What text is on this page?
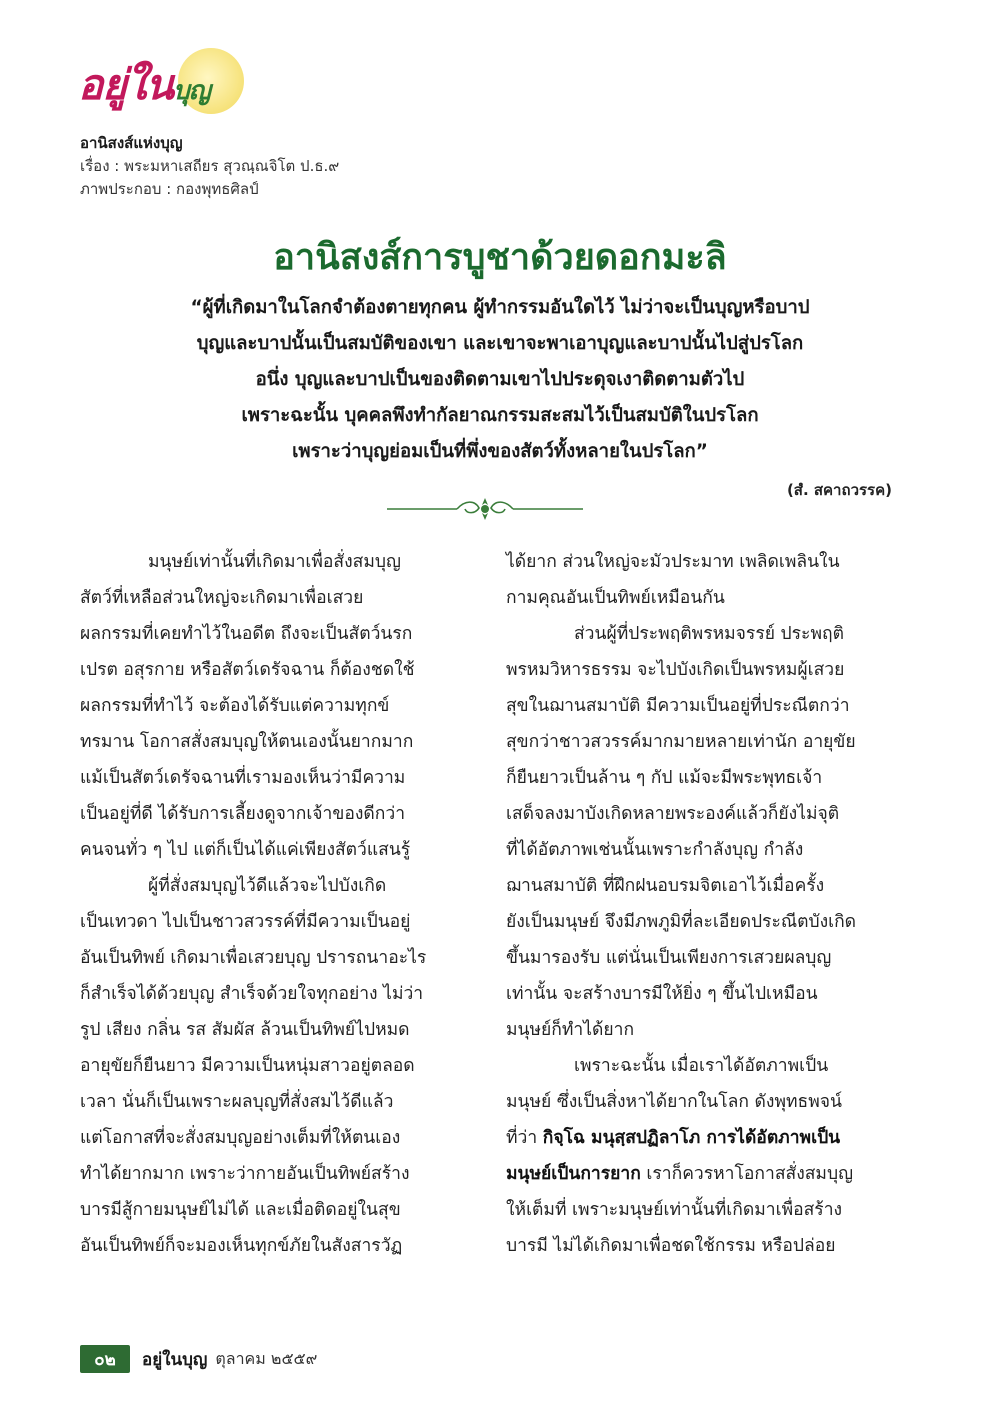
อยู่ในบุญ
อานิสงส์แห่งบุญ
เรื่อง : พระมหาเสถียร สุวณฺณจิโต ป.ธ.๙
ภาพประกอบ : กองพุทธศิลป์
อานิสงส์การบูชาด้วยดอกมะลิ
“ผู้ที่เกิดมาในโลกจำต้องตายทุกคน ผู้ทำกรรมอันใดไว้ ไม่ว่าจะเป็นบุญหรือบาป
บุญและบาปนั้นเป็นสมบัติของเขา และเขาจะพาเอาบุญและบาปนั้นไปสู่ปรโลก
อนึ่ง บุญและบาปเป็นของติดตามเขาไปประดุจเงาติดตามตัวไป
เพราะฉะนั้น บุคคลพึงทำกัลยาณกรรมสะสมไว้เป็นสมบัติในปรโลก
เพราะว่าบุญย่อมเป็นที่พึ่งของสัตว์ทั้งหลายในปรโลก”
(สํ. สคาถวรรค)

มนุษย์เท่านั้นที่เกิดมาเพื่อสั่งสมบุญ

สัตว์ที่เหลือส่วนใหญ่จะเกิดมาเพื่อเสวย

ผลกรรมที่เคยทำไว้ในอดีต ถึงจะเป็นสัตว์นรก

เปรต อสุรกาย หรือสัตว์เดรัจฉาน ก็ต้องชดใช้

ผลกรรมที่ทำไว้ จะต้องได้รับแต่ความทุกข์

ทรมาน โอกาสสั่งสมบุญให้ตนเองนั้นยากมาก

แม้เป็นสัตว์เดรัจฉานที่เรามองเห็นว่ามีความ

เป็นอยู่ที่ดี ได้รับการเลี้ยงดูจากเจ้าของดีกว่า

คนจนทั่ว ๆ ไป แต่ก็เป็นได้แค่เพียงสัตว์แสนรู้

ผู้ที่สั่งสมบุญไว้ดีแล้วจะไปบังเกิด

เป็นเทวดา ไปเป็นชาวสวรรค์ที่มีความเป็นอยู่

อันเป็นทิพย์ เกิดมาเพื่อเสวยบุญ ปรารถนาอะไร

ก็สำเร็จได้ด้วยบุญ สำเร็จด้วยใจทุกอย่าง ไม่ว่า

รูป เสียง กลิ่น รส สัมผัส ล้วนเป็นทิพย์ไปหมด

อายุขัยก็ยืนยาว มีความเป็นหนุ่มสาวอยู่ตลอด

เวลา นั่นก็เป็นเพราะผลบุญที่สั่งสมไว้ดีแล้ว

แต่โอกาสที่จะสั่งสมบุญอย่างเต็มที่ให้ตนเอง

ทำได้ยากมาก เพราะว่ากายอันเป็นทิพย์สร้าง

บารมีสู้กายมนุษย์ไม่ได้ และเมื่อติดอยู่ในสุข

อันเป็นทิพย์ก็จะมองเห็นทุกข์ภัยในสังสารวัฏ

ได้ยาก ส่วนใหญ่จะมัวประมาท เพลิดเพลินใน

กามคุณอันเป็นทิพย์เหมือนกัน

ส่วนผู้ที่ประพฤติพรหมจรรย์ ประพฤติ

พรหมวิหารธรรม จะไปบังเกิดเป็นพรหมผู้เสวย

สุขในฌานสมาบัติ มีความเป็นอยู่ที่ประณีตกว่า

สุขกว่าชาวสวรรค์มากมายหลายเท่านัก อายุขัย

ก็ยืนยาวเป็นล้าน ๆ กัป แม้จะมีพระพุทธเจ้า

เสด็จลงมาบังเกิดหลายพระองค์แล้วก็ยังไม่จุติ

ที่ได้อัตภาพเช่นนั้นเพราะกำลังบุญ กำลัง

ฌานสมาบัติ ที่ฝึกฝนอบรมจิตเอาไว้เมื่อครั้ง

ยังเป็นมนุษย์ จึงมีภพภูมิที่ละเอียดประณีตบังเกิด

ขึ้นมารองรับ แต่นั่นเป็นเพียงการเสวยผลบุญ

เท่านั้น จะสร้างบารมีให้ยิ่ง ๆ ขึ้นไปเหมือน

มนุษย์ก็ทำได้ยาก

เพราะฉะนั้น เมื่อเราได้อัตภาพเป็น

มนุษย์ ซึ่งเป็นสิ่งหาได้ยากในโลก ดังพุทธพจน์

ที่ว่า กิจฺโฉ มนุสฺสปฏิลาโภ การได้อัตภาพเป็น

มนุษย์เป็นการยาก เราก็ควรหาโอกาสสั่งสมบุญ

ให้เต็มที่ เพราะมนุษย์เท่านั้นที่เกิดมาเพื่อสร้าง

บารมี ไม่ได้เกิดมาเพื่อชดใช้กรรม หรือปล่อย

๐๒	อยู่ในบุญ ตุลาคม ๒๕๕๙
